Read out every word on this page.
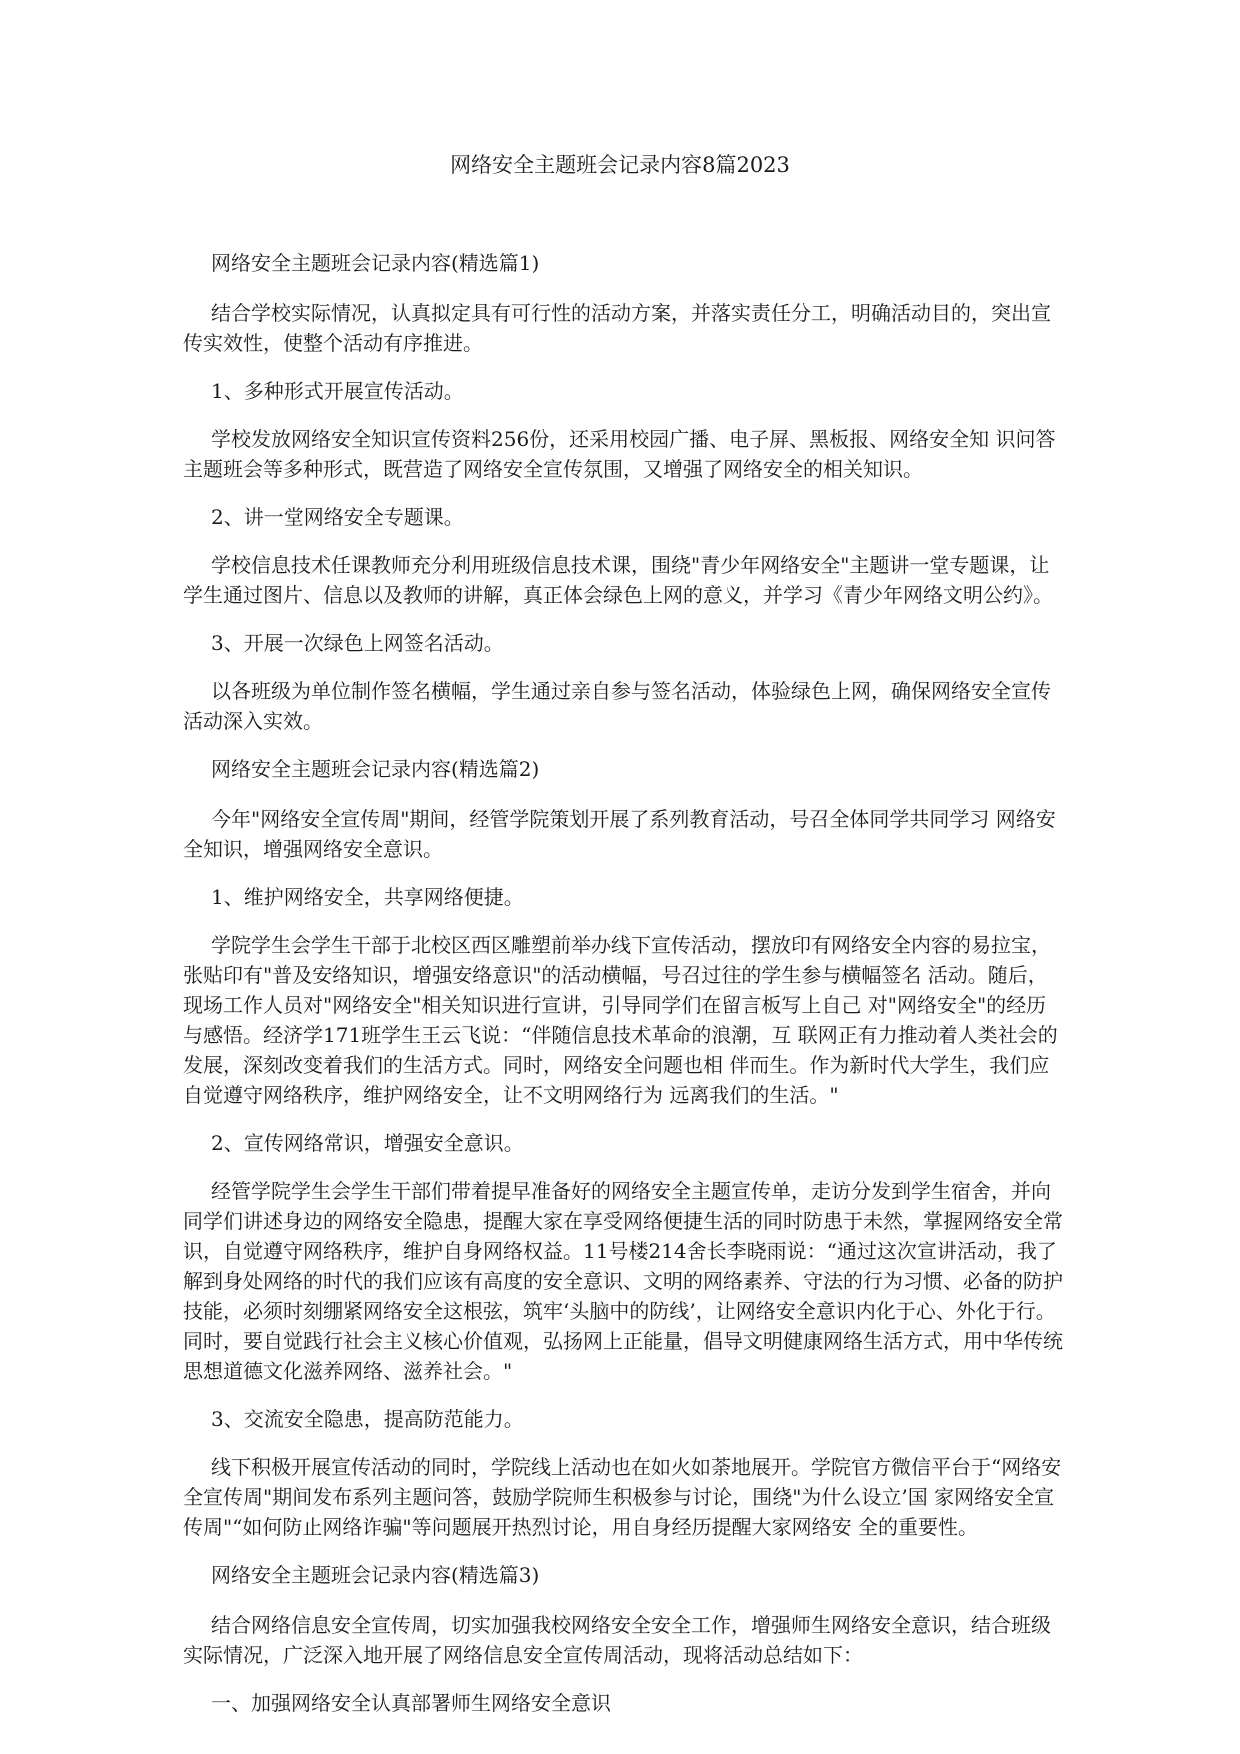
网络安全主题班会记录内容8篇2023

网络安全主题班会记录内容(精选篇1)

结合学校实际情况，认真拟定具有可行性的活动方案，并落实责任分工，明确活动目的，突出宣传实效性，使整个活动有序推进。

1、多种形式开展宣传活动。

学校发放网络安全知识宣传资料256份，还采用校园广播、电子屏、黑板报、网络安全知 识问答主题班会等多种形式，既营造了网络安全宣传氛围，又增强了网络安全的相关知识。

2、讲一堂网络安全专题课。

学校信息技术任课教师充分利用班级信息技术课，围绕"青少年网络安全"主题讲一堂专题课，让学生通过图片、信息以及教师的讲解，真正体会绿色上网的意义，并学习《青少年网络文明公约》。

3、开展一次绿色上网签名活动。

以各班级为单位制作签名横幅，学生通过亲自参与签名活动，体验绿色上网，确保网络安全宣传活动深入实效。

网络安全主题班会记录内容(精选篇2)

今年"网络安全宣传周"期间，经管学院策划开展了系列教育活动，号召全体同学共同学习 网络安全知识，增强网络安全意识。

1、维护网络安全，共享网络便捷。

学院学生会学生干部于北校区西区雕塑前举办线下宣传活动，摆放印有网络安全内容的易拉宝，张贴印有"普及安络知识，增强安络意识"的活动横幅，号召过往的学生参与横幅签名 活动。随后，现场工作人员对"网络安全"相关知识进行宣讲，引导同学们在留言板写上自己 对"网络安全"的经历与感悟。经济学171班学生王云飞说：“伴随信息技术革命的浪潮，互 联网正有力推动着人类社会的发展，深刻改变着我们的生活方式。同时，网络安全问题也相 伴而生。作为新时代大学生，我们应自觉遵守网络秩序，维护网络安全，让不文明网络行为 远离我们的生活。"

2、宣传网络常识，增强安全意识。

经管学院学生会学生干部们带着提早准备好的网络安全主题宣传单，走访分发到学生宿舍，并向同学们讲述身边的网络安全隐患，提醒大家在享受网络便捷生活的同时防患于未然，掌握网络安全常识，自觉遵守网络秩序，维护自身网络权益。11号楼214舍长李晓雨说：“通过这次宣讲活动，我了解到身处网络的时代的我们应该有高度的安全意识、文明的网络素养、守法的行为习惯、必备的防护技能，必须时刻绷紧网络安全这根弦，筑牢‘头脑中的防线’，让网络安全意识内化于心、外化于行。同时，要自觉践行社会主义核心价值观，弘扬网上正能量，倡导文明健康网络生活方式，用中华传统思想道德文化滋养网络、滋养社会。"

3、交流安全隐患，提高防范能力。

线下积极开展宣传活动的同时，学院线上活动也在如火如荼地展开。学院官方微信平台于“网络安全宣传周"期间发布系列主题问答，鼓励学院师生积极参与讨论，围绕"为什么设立’国 家网络安全宣传周"“如何防止网络诈骗"等问题展开热烈讨论，用自身经历提醒大家网络安 全的重要性。

网络安全主题班会记录内容(精选篇3)

结合网络信息安全宣传周，切实加强我校网络安全安全工作，增强师生网络安全意识，结合班级实际情况，广泛深入地开展了网络信息安全宣传周活动，现将活动总结如下：

一、加强网络安全认真部署师生网络安全意识
